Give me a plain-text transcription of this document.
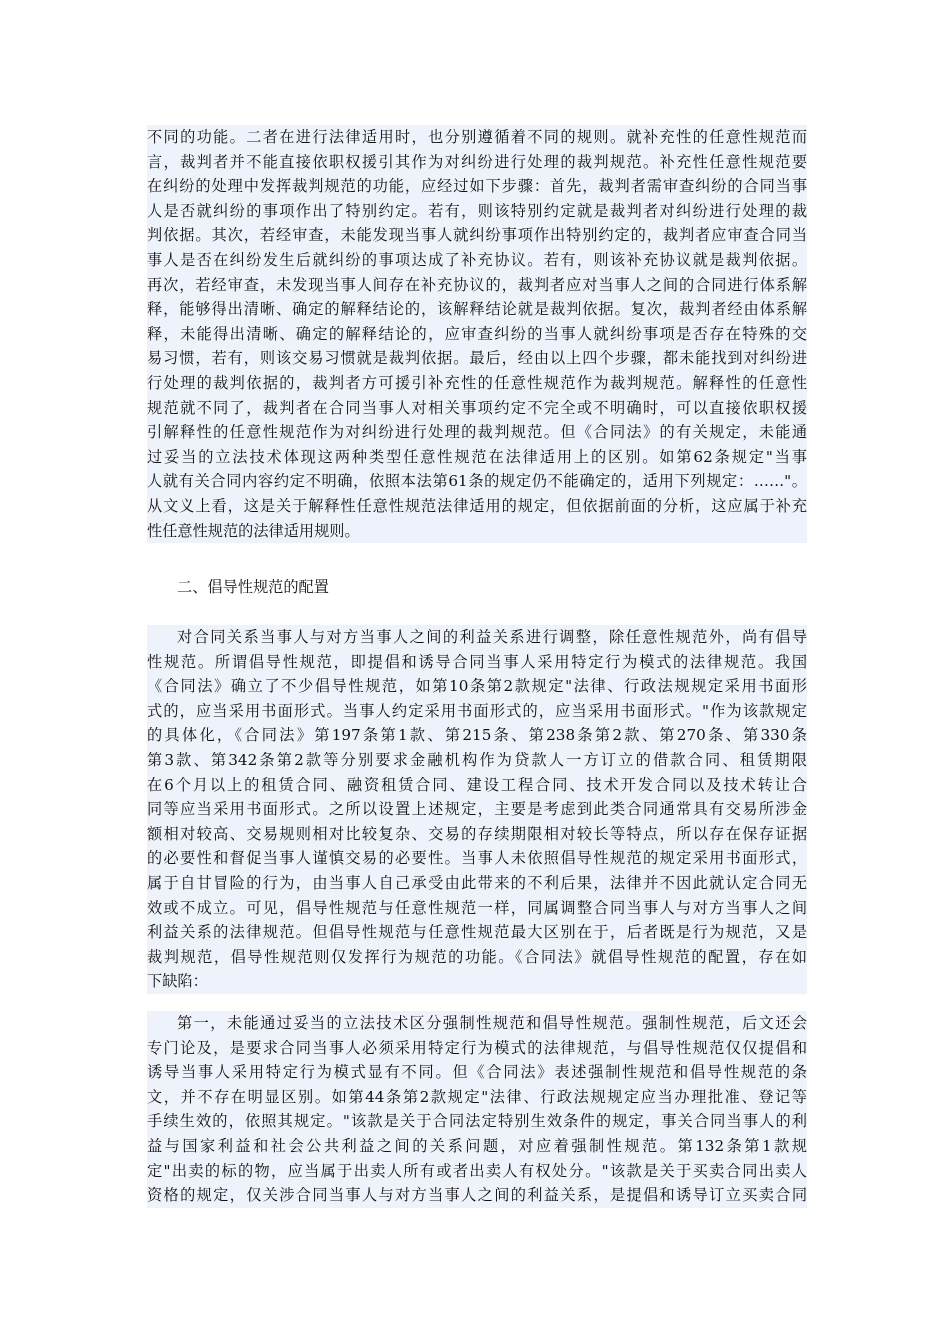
不同的功能。二者在进行法律适用时，也分别遵循着不同的规则。就补充性的任意性规范而
言，裁判者并不能直接依职权援引其作为对纠纷进行处理的裁判规范。补充性任意性规范要
在纠纷的处理中发挥裁判规范的功能，应经过如下步骤：首先，裁判者需审查纠纷的合同当事
人是否就纠纷的事项作出了特别约定。若有，则该特别约定就是裁判者对纠纷进行处理的裁
判依据。其次，若经审查，未能发现当事人就纠纷事项作出特别约定的，裁判者应审查合同当
事人是否在纠纷发生后就纠纷的事项达成了补充协议。若有，则该补充协议就是裁判依据。
再次，若经审查，未发现当事人间存在补充协议的，裁判者应对当事人之间的合同进行体系解
释，能够得出清晰、确定的解释结论的，该解释结论就是裁判依据。复次，裁判者经由体系解
释，未能得出清晰、确定的解释结论的，应审查纠纷的当事人就纠纷事项是否存在特殊的交
易习惯，若有，则该交易习惯就是裁判依据。最后，经由以上四个步骤，都未能找到对纠纷进
行处理的裁判依据的，裁判者方可援引补充性的任意性规范作为裁判规范。解释性的任意性
规范就不同了，裁判者在合同当事人对相关事项约定不完全或不明确时，可以直接依职权援
引解释性的任意性规范作为对纠纷进行处理的裁判规范。但《合同法》的有关规定，未能通
过妥当的立法技术体现这两种类型任意性规范在法律适用上的区别。如第62条规定"当事
人就有关合同内容约定不明确，依照本法第61条的规定仍不能确定的，适用下列规定：……"。
从文义上看，这是关于解释性任意性规范法律适用的规定，但依据前面的分析，这应属于补充
性任意性规范的法律适用规则。
二、倡导性规范的配置
对合同关系当事人与对方当事人之间的利益关系进行调整，除任意性规范外，尚有倡导
性规范。所谓倡导性规范，即提倡和诱导合同当事人采用特定行为模式的法律规范。我国
《合同法》确立了不少倡导性规范，如第10条第2款规定"法律、行政法规规定采用书面形
式的，应当采用书面形式。当事人约定采用书面形式的，应当采用书面形式。"作为该款规定
的具体化，《合同法》第197条第1款、第215条、第238条第2款、第270条、第330条
第3款、第342条第2款等分别要求金融机构作为贷款人一方订立的借款合同、租赁期限
在6个月以上的租赁合同、融资租赁合同、建设工程合同、技术开发合同以及技术转让合
同等应当采用书面形式。之所以设置上述规定，主要是考虑到此类合同通常具有交易所涉金
额相对较高、交易规则相对比较复杂、交易的存续期限相对较长等特点，所以存在保存证据
的必要性和督促当事人谨慎交易的必要性。当事人未依照倡导性规范的规定采用书面形式，
属于自甘冒险的行为，由当事人自己承受由此带来的不利后果，法律并不因此就认定合同无
效或不成立。可见，倡导性规范与任意性规范一样，同属调整合同当事人与对方当事人之间
利益关系的法律规范。但倡导性规范与任意性规范最大区别在于，后者既是行为规范，又是
裁判规范，倡导性规范则仅发挥行为规范的功能。《合同法》就倡导性规范的配置，存在如
下缺陷：
第一，未能通过妥当的立法技术区分强制性规范和倡导性规范。强制性规范，后文还会
专门论及，是要求合同当事人必须采用特定行为模式的法律规范，与倡导性规范仅仅提倡和
诱导当事人采用特定行为模式显有不同。但《合同法》表述强制性规范和倡导性规范的条
文，并不存在明显区别。如第44条第2款规定"法律、行政法规规定应当办理批准、登记等
手续生效的，依照其规定。"该款是关于合同法定特别生效条件的规定，事关合同当事人的利
益与国家利益和社会公共利益之间的关系问题，对应着强制性规范。第132条第1款规
定"出卖的标的物，应当属于出卖人所有或者出卖人有权处分。"该款是关于买卖合同出卖人
资格的规定，仅关涉合同当事人与对方当事人之间的利益关系，是提倡和诱导订立买卖合同
